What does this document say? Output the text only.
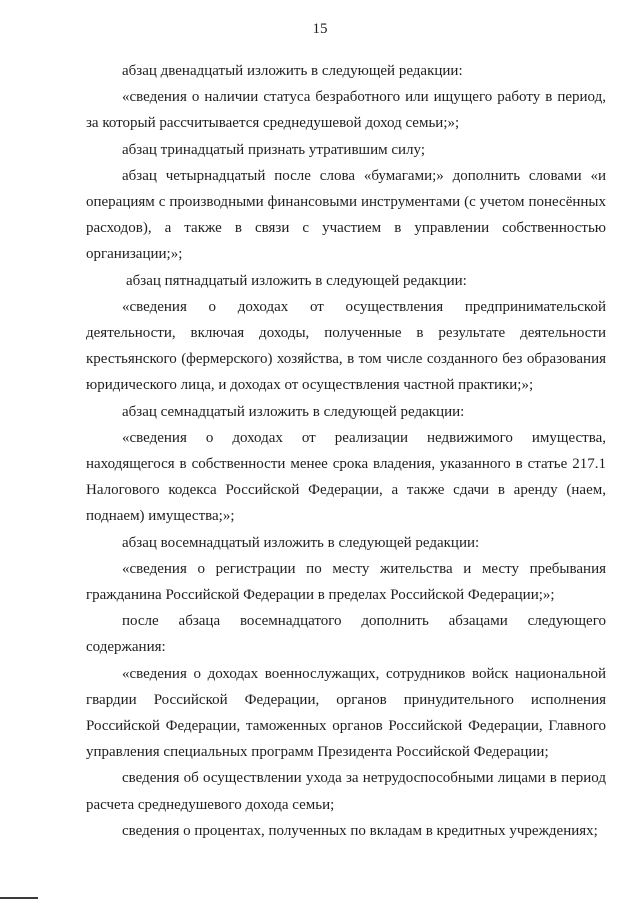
15

абзац двенадцатый изложить в следующей редакции:

«сведения о наличии статуса безработного или ищущего работу в период, за который рассчитывается среднедушевой доход семьи;»;

абзац тринадцатый признать утратившим силу;

абзац четырнадцатый после слова «бумагами;» дополнить словами «и операциям с производными финансовыми инструментами (с учетом понесённых расходов), а также в связи с участием в управлении собственностью организации;»;

абзац пятнадцатый изложить в следующей редакции:

«сведения о доходах от осуществления предпринимательской деятельности, включая доходы, полученные в результате деятельности крестьянского (фермерского) хозяйства, в том числе созданного без образования юридического лица, и доходах от осуществления частной практики;»;

абзац семнадцатый изложить в следующей редакции:

«сведения о доходах от реализации недвижимого имущества, находящегося в собственности менее срока владения, указанного в статье 217.1 Налогового кодекса Российской Федерации, а также сдачи в аренду (наем, поднаем) имущества;»;

абзац восемнадцатый изложить в следующей редакции:

«сведения о регистрации по месту жительства и месту пребывания гражданина Российской Федерации в пределах Российской Федерации;»;

после абзаца восемнадцатого дополнить абзацами следующего содержания:

«сведения о доходах военнослужащих, сотрудников войск национальной гвардии Российской Федерации, органов принудительного исполнения Российской Федерации, таможенных органов Российской Федерации, Главного управления специальных программ Президента Российской Федерации;

сведения об осуществлении ухода за нетрудоспособными лицами в период расчета среднедушевого дохода семьи;

сведения о процентах, полученных по вкладам в кредитных учреждениях;
